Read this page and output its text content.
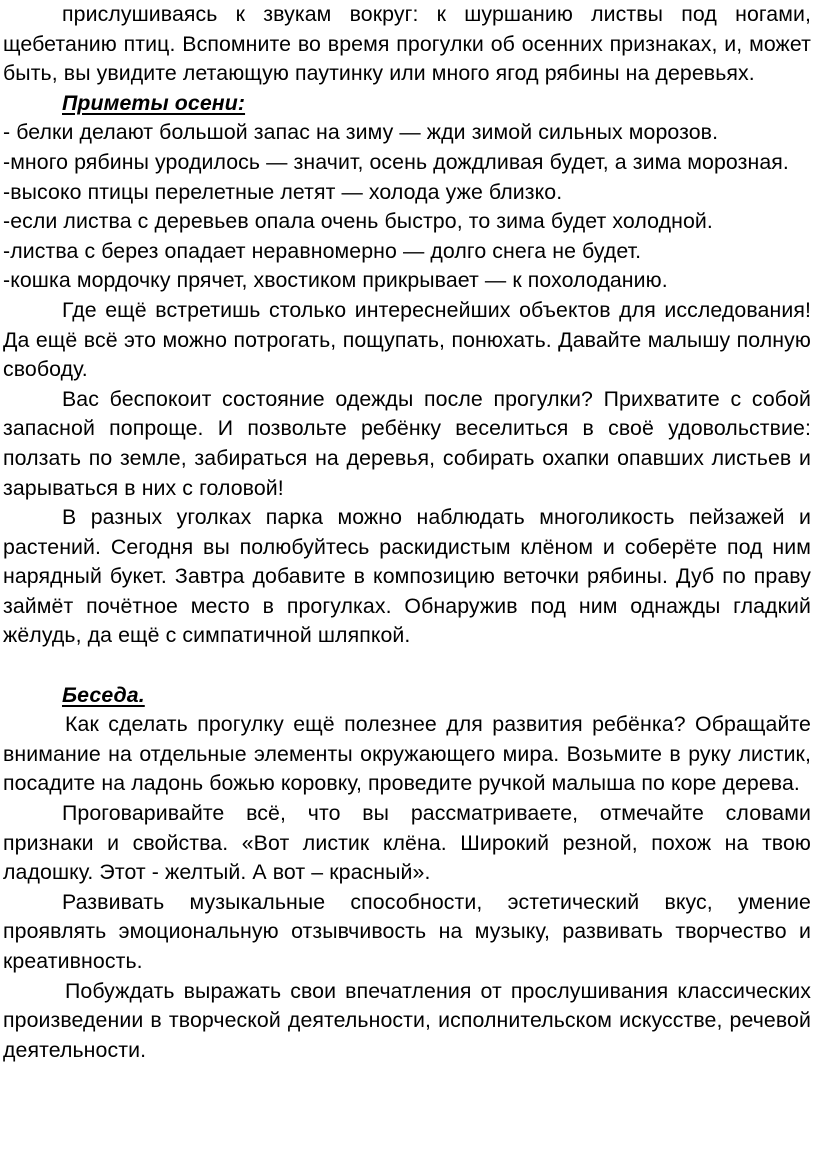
прислушиваясь к звукам вокруг: к шуршанию листвы под ногами, щебетанию птиц. Вспомните во время прогулки об осенних признаках, и, может быть, вы увидите летающую паутинку или много ягод рябины на деревьях.

Приметы осени:

- белки делают большой запас на зиму — жди зимой сильных морозов.

-много рябины уродилось — значит, осень дождливая будет, а зима морозная.

-высоко птицы перелетные летят — холода уже близко.

-если листва с деревьев опала очень быстро, то зима будет холодной.

-листва с берез опадает неравномерно — долго снега не будет.

-кошка мордочку прячет, хвостиком прикрывает — к похолоданию.

Где ещё встретишь столько интереснейших объектов для исследования! Да ещё всё это можно потрогать, пощупать, понюхать. Давайте малышу полную свободу.

Вас беспокоит состояние одежды после прогулки? Прихватите с собой запасной попроще. И позвольте ребёнку веселиться в своё удовольствие: ползать по земле, забираться на деревья, собирать охапки опавших листьев и зарываться в них с головой!

В разных уголках парка можно наблюдать многоликость пейзажей и растений. Сегодня вы полюбуйтесь раскидистым клёном и соберёте под ним нарядный букет. Завтра добавите в композицию веточки рябины. Дуб по праву займёт почётное место в прогулках. Обнаружив под ним однажды гладкий жёлудь, да ещё с симпатичной шляпкой.

Беседа.

Как сделать прогулку ещё полезнее для развития ребёнка? Обращайте внимание на отдельные элементы окружающего мира. Возьмите в руку листик, посадите на ладонь божью коровку, проведите ручкой малыша по коре дерева.

Проговаривайте всё, что вы рассматриваете, отмечайте словами признаки и свойства. «Вот листик клёна. Широкий резной, похож на твою ладошку. Этот - желтый. А вот – красный».

Развивать музыкальные способности, эстетический вкус, умение проявлять эмоциональную отзывчивость на музыку, развивать творчество и креативность.

Побуждать выражать свои впечатления от прослушивания классических произведении в творческой деятельности, исполнительском искусстве, речевой деятельности.
